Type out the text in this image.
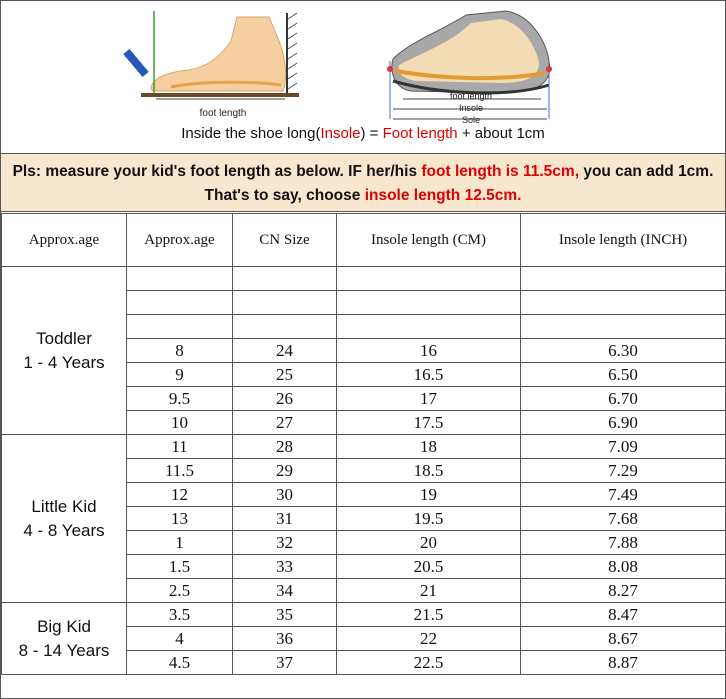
foot length
foot length
Insole
Sole
Inside the shoe long(Insole) = Foot length + about 1cm
Pls: measure your kid's foot length as below. IF her/his foot length is 11.5cm, you can add 1cm. That's to say, choose insole length 12.5cm.
Approx.age	Approx.age	CN Size	Insole length (CM)	Insole length (INCH)

Toddler
1 - 4 Years				

	8	24	16	6.30
	9	25	16.5	6.50
	9.5	26	17	6.70
	10	27	17.5	6.90

Little Kid
4 - 8 Years	11	28	18	7.09
	11.5	29	18.5	7.29
	12	30	19	7.49
	13	31	19.5	7.68
	1	32	20	7.88
	1.5	33	20.5	8.08
	2.5	34	21	8.27

Big Kid
8 - 14 Years	3.5	35	21.5	8.47
	4	36	22	8.67
	4.5	37	22.5	8.87
